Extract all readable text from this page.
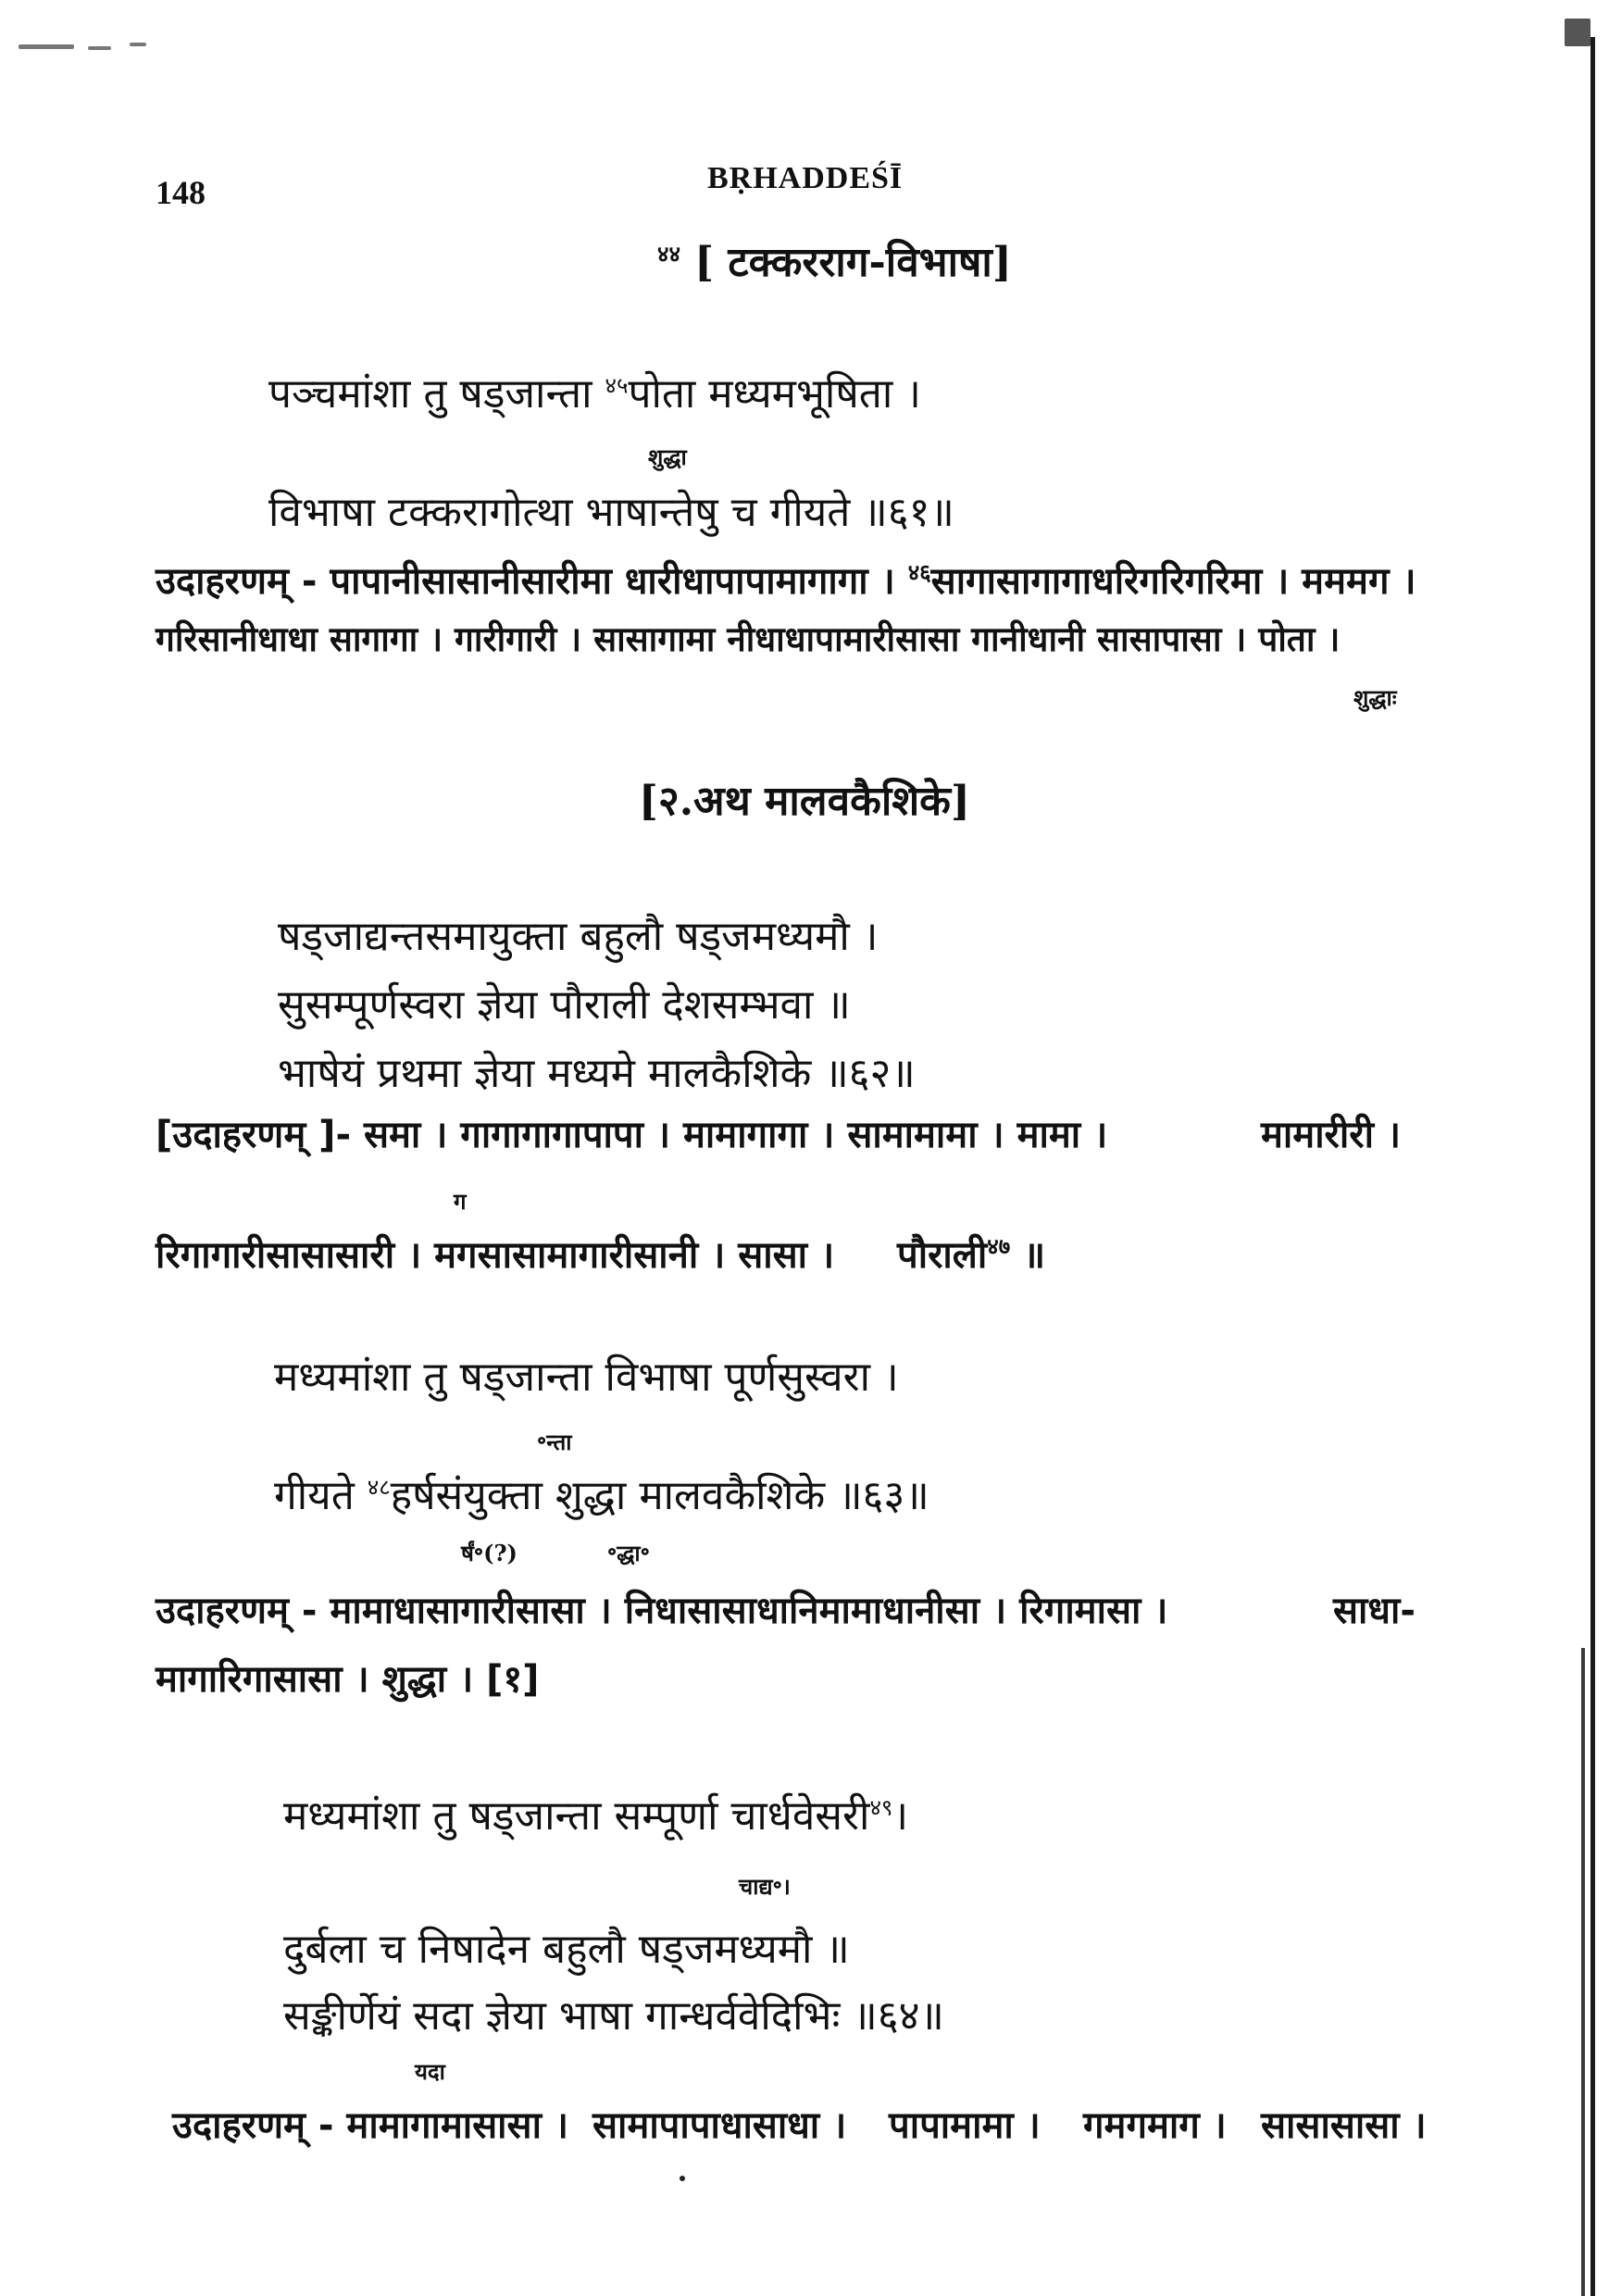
148	BṚHADDEŚĪ
$^{४४}$ [ टक्करराग-विभाषा]
पञ्चमांशा तु षड्जान्ता $^{४५}$पोता मध्यमभूषिता ।
शुद्धा
विभाषा टक्करागोत्था भाषान्तेषु च गीयते ॥६१॥
उदाहरणम् - पापानीसासानीसारीमा धारीधापापामागागा । $^{४६}$सागासागागाधरिगरिगरिमा । मममग ।
गरिसानीधाधा सागागा । गारीगारी । सासागामा नीधाधापामारीसासा गानीधानी सासापासा । पोता ।
शुद्धाः
[२.अथ मालवकैशिके]
षड्जाद्यन्तसमायुक्ता बहुलौ षड्जमध्यमौ ।
सुसम्पूर्णस्वरा ज्ञेया पौराली देशसम्भवा ॥
भाषेयं प्रथमा ज्ञेया मध्यमे मालकैशिके ॥६२॥
[उदाहरणम् ]- समा । गागागागापापा । मामागागा । सामामामा । मामा ।	मामारीरी ।
ग
रिगागारीसासासारी । मगसासामागारीसानी । सासा । पौराली$^{४७}$ ॥
मध्यमांशा तु षड्जान्ता विभाषा पूर्णसुस्वरा ।
॰न्ता
गीयते $^{४८}$हर्षसंयुक्ता शुद्धा मालवकैशिके ॥६३॥
र्षं॰(?)	॰द्धा॰
उदाहरणम् - मामाधासागारीसासा । निधासासाधानिमामाधानीसा । रिगामासा ।	साधा-
मागारिगासासा । शुद्धा । [१]
मध्यमांशा तु षड्जान्ता सम्पूर्णा चार्धवेसरी$^{४९}$।
चाद्य॰।
दुर्बला च निषादेन बहुलौ षड्जमध्यमौ ॥
सङ्कीर्णेयं सदा ज्ञेया भाषा गान्धर्ववेदिभिः ॥६४॥
यदा
उदाहरणम् - मामागामासासा । सामापापाधासाधा । पापामामा । गमगमाग । सासासासा ।
